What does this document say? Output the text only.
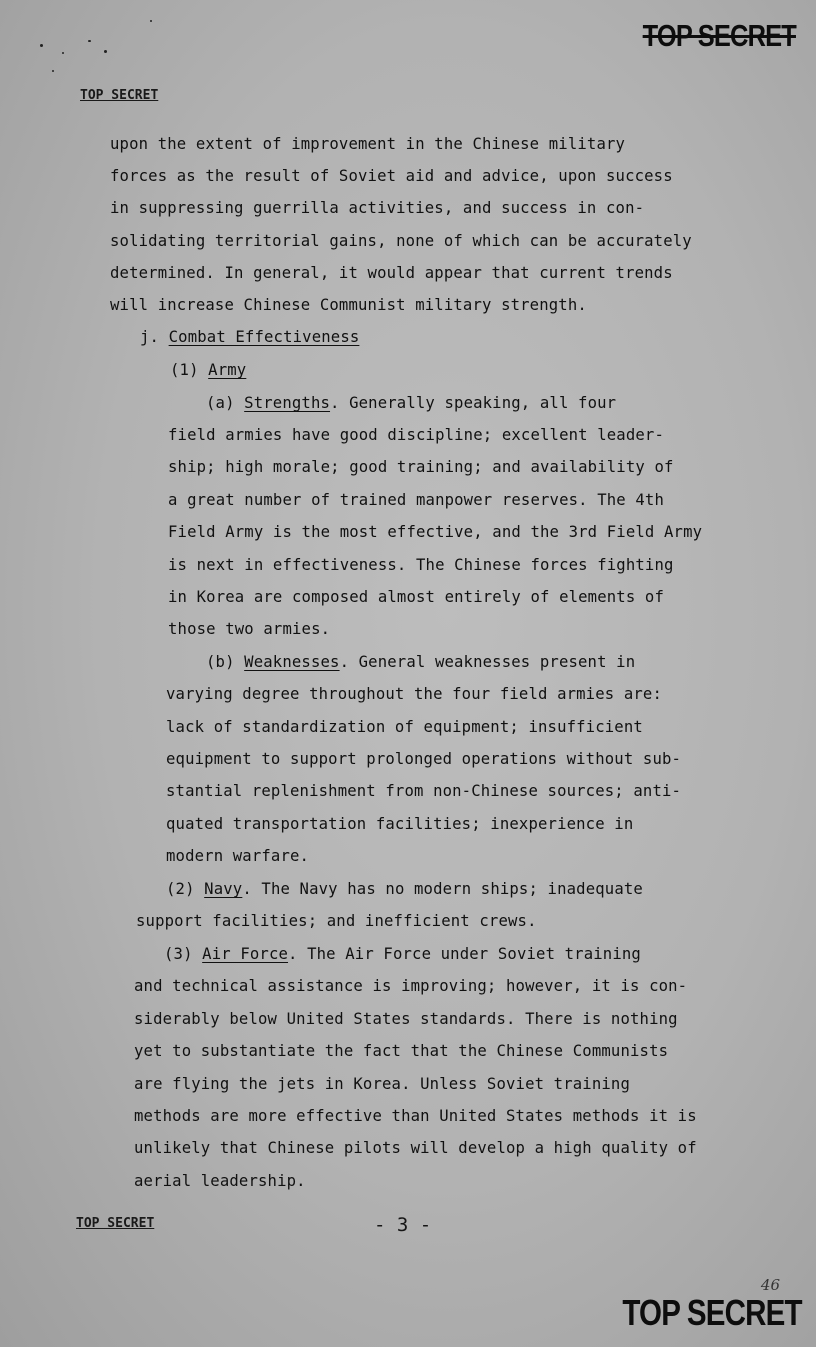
TOP SECRET
TOP SECRET
upon the extent of improvement in the Chinese military
forces as the result of Soviet aid and advice, upon success
in suppressing guerrilla activities, and success in con-
solidating territorial gains, none of which can be accurately
determined. In general, it would appear that current trends
will increase Chinese Communist military strength.
j. Combat Effectiveness
(1) Army
(a) Strengths. Generally speaking, all four
field armies have good discipline; excellent leader-
ship; high morale; good training; and availability of
a great number of trained manpower reserves. The 4th
Field Army is the most effective, and the 3rd Field Army
is next in effectiveness. The Chinese forces fighting
in Korea are composed almost entirely of elements of
those two armies.
(b) Weaknesses. General weaknesses present in
varying degree throughout the four field armies are:
lack of standardization of equipment; insufficient
equipment to support prolonged operations without sub-
stantial replenishment from non-Chinese sources; anti-
quated transportation facilities; inexperience in
modern warfare.
(2) Navy. The Navy has no modern ships; inadequate
support facilities; and inefficient crews.
(3) Air Force. The Air Force under Soviet training
and technical assistance is improving; however, it is con-
siderably below United States standards. There is nothing
yet to substantiate the fact that the Chinese Communists
are flying the jets in Korea. Unless Soviet training
methods are more effective than United States methods it is
unlikely that Chinese pilots will develop a high quality of
aerial leadership.
TOP SECRET	- 3 -
46
TOP SECRET
